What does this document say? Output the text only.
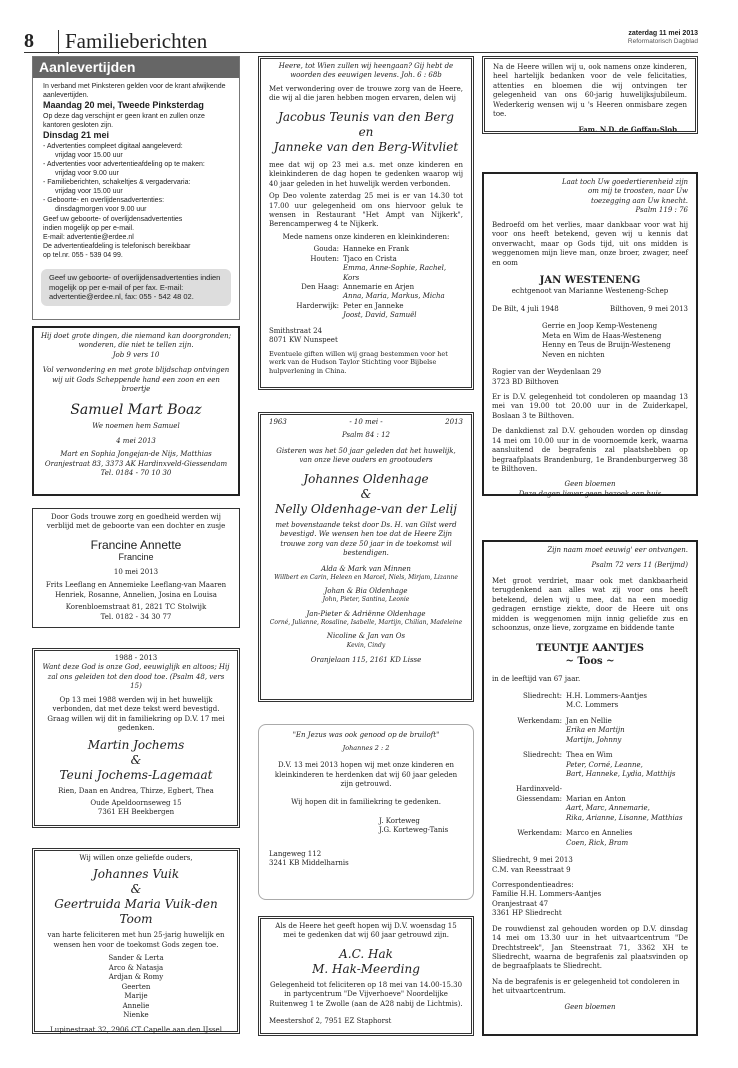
8	Familieberichten	zaterdag 11 mei 2013
Reformatorisch Dagblad
Aanlevertijden
In verband met Pinksteren gelden voor de krant afwijkende aanlevertijden.
Maandag 20 mei, Tweede Pinksterdag
Op deze dag verschijnt er geen krant en zullen onze kantoren gesloten zijn.
Dinsdag 21 mei
- Advertenties compleet digitaal aangeleverd:
vrijdag voor 15.00 uur
- Advertenties voor advertentieafdeling op te maken:
vrijdag voor 9.00 uur
- Familieberichten, schakeltjes & vergadervaria:
vrijdag voor 15.00 uur
- Geboorte- en overlijdensadvertenties:
dinsdagmorgen voor 9.00 uur
Geef uw geboorte- of overlijdensadvertenties
indien mogelijk op per e-mail.
E-mail: advertentie@erdee.nl
De advertentieafdeling is telefonisch bereikbaar
op tel.nr. 055 - 539 04 99.
Geef uw geboorte- of overlijdensadvertenties indien mogelijk op per e-mail of per fax. E-mail: advertentie@erdee.nl, fax: 055 - 542 48 02.
Hij doet grote dingen, die niemand kan doorgronden; wonderen, die niet te tellen zijn.
Job 9 vers 10
Vol verwondering en met grote blijdschap ontvingen wij uit Gods Scheppende hand een zoon en een broertje
Samuel Mart Boaz
We noemen hem Samuel
4 mei 2013
Mart en Sophia Jongejan-de Nijs, Matthias
Oranjestraat 83, 3373 AK Hardinxveld-Giessendam
Tel. 0184 - 70 10 30
Door Gods trouwe zorg en goedheid werden wij verblijd met de geboorte van een dochter en zusje
Francine Annette
Francine
10 mei 2013
Frits Leeflang en Annemieke Leeflang-van Maaren
Henriek, Rosanne, Annelien, Josina en Louisa
Korenbloemstraat 81, 2821 TC Stolwijk
Tel. 0182 - 34 30 77
1988 - 2013
Want deze God is onze God, eeuwiglijk en altoos; Hij zal ons geleiden tot den dood toe. (Psalm 48, vers 15)
Op 13 mei 1988 werden wij in het huwelijk verbonden, dat met deze tekst werd bevestigd. Graag willen wij dit in familiekring op D.V. 17 mei gedenken.
Martin Jochems
&
Teuni Jochems-Lagemaat
Rien, Daan en Andrea, Thirze, Egbert, Thea
Oude Apeldoornseweg 15
7361 EH Beekbergen
Wij willen onze geliefde ouders,
Johannes Vuik
&
Geertruida Maria Vuik-den Toom
van harte feliciteren met hun 25-jarig huwelijk en wensen hen voor de toekomst Gods zegen toe.
Sander & Lerta
Arco & Natasja
Ardjan & Romy
Geerten
Marije
Annelie
Nienke
Lupinestraat 32, 2906 CT Capelle aan den IJssel
Heere, tot Wien zullen wij heengaan? Gij hebt de woorden des eeuwigen levens. Joh. 6 : 68b
Met verwondering over de trouwe zorg van de Heere, die wij al die jaren hebben mogen ervaren, delen wij
Jacobus Teunis van den Berg
en
Janneke van den Berg-Witvliet
mee dat wij op 23 mei a.s. met onze kinderen en kleinkinderen de dag hopen te gedenken waarop wij 40 jaar geleden in het huwelijk werden verbonden.
Op Deo volente zaterdag 25 mei is er van 14.30 tot 17.00 uur gelegenheid om ons hiervoor geluk te wensen in Restaurant "Het Ampt van Nijkerk", Berencamperweg 4 te Nijkerk.
Mede namens onze kinderen en kleinkinderen:
Gouda: Hanneke en Frank
Houten: Tjaco en Crista
Emma, Anne-Sophie, Rachel, Kors
Den Haag: Annemarie en Arjen
Anna, Maria, Markus, Micha
Harderwijk: Peter en Janneke
Joost, David, Samuël
Smithstraat 24
8071 KW Nunspeet
Eventuele giften willen wij graag bestemmen voor het werk van de Hudson Taylor Stichting voor Bijbelse hulpverlening in China.
1963	- 10 mei -	2013
Psalm 84 : 12
Gisteren was het 50 jaar geleden dat het huwelijk, van onze lieve ouders en grootouders
Johannes Oldenhage
&
Nelly Oldenhage-van der Lelij
met bovenstaande tekst door Ds. H. van Gilst werd bevestigd. We wensen hen toe dat de Heere Zijn trouwe zorg van deze 50 jaar in de toekomst wil bestendigen.
Alda & Mark van Minnen
Willbert en Carin, Heleen en Marcel, Niels, Mirjam, Lizanne
Johan & Bia Oldenhage
John, Pieter, Santina, Leonie
Jan-Pieter & Adriënne Oldenhage
Corné, Julianne, Rosaline, Isabelle, Martijn, Chilian, Madeleine
Nicoline & Jan van Os
Kevin, Cindy
Oranjelaan 115, 2161 KD Lisse
"En Jezus was ook genood op de bruiloft"
Johannes 2 : 2
D.V. 13 mei 2013 hopen wij met onze kinderen en kleinkinderen te herdenken dat wij 60 jaar geleden zijn getrouwd.
Wij hopen dit in familiekring te gedenken.
J. Korteweg
J.G. Korteweg-Tanis
Langeweg 112
3241 KB Middelharnis
Als de Heere het geeft hopen wij D.V. woensdag 15 mei te gedenken dat wij 60 jaar getrouwd zijn.
A.C. Hak
M. Hak-Meerding
Gelegenheid tot feliciteren op 18 mei van 14.00-15.30 in partycentrum "De Vijverhoeve" Noordelijke Ruitenweg 1 te Zwolle (aan de A28 nabij de Lichtmis).
Meestershof 2, 7951 EZ Staphorst
Na de Heere willen wij u, ook namens onze kinderen, heel hartelijk bedanken voor de vele felicitaties, attenties en bloemen die wij ontvingen ter gelegenheid van ons 60-jarig huwelijksjubileum. Wederkerig wensen wij u 's Heeren onmisbare zegen toe.
Fam. N.D. de Goffau-Slob
Laat toch Uw goedertierenheid zijn om mij te troosten, naar Uw toezegging aan Uw knecht.
Psalm 119 : 76
Bedroefd om het verlies, maar dankbaar voor wat hij voor ons heeft betekend, geven wij u kennis dat onverwacht, maar op Gods tijd, uit ons midden is weggenomen mijn lieve man, onze broer, zwager, neef en oom
JAN WESTENENG
echtgenoot van Marianne Westeneng-Schep
De Bilt, 4 juli 1948	Bilthoven, 9 mei 2013
Gerrie en Joop Kemp-Westeneng
Meta en Wim de Haas-Westeneng
Henny en Teus de Bruijn-Westeneng
Neven en nichten
Rogier van der Weydenlaan 29
3723 BD Bilthoven
Er is D.V. gelegenheid tot condoleren op maandag 13 mei van 19.00 tot 20.00 uur in de Zuiderkapel, Boslaan 3 te Bilthoven.
De dankdienst zal D.V. gehouden worden op dinsdag 14 mei om 10.00 uur in de voornoemde kerk, waarna aansluitend de begrafenis zal plaatshebben op begraafplaats Brandenburg, 1e Brandenburgerweg 38 te Bilthoven.
Geen bloemen
Deze dagen liever geen bezoek aan huis
Zijn naam moet eeuwig' eer ontvangen.
Psalm 72 vers 11 (Berijmd)
Met groot verdriet, maar ook met dankbaarheid terugdenkend aan alles wat zij voor ons heeft betekend, delen wij u mee, dat na een moedig gedragen ernstige ziekte, door de Heere uit ons midden is weggenomen mijn innig geliefde zus en schoonzus, onze lieve, zorgzame en biddende tante
TEUNTJE AANTJES
~ Toos ~
in de leeftijd van 67 jaar.
Sliedrecht: H.H. Lommers-Aantjes
M.C. Lommers
Werkendam: Jan en Nellie
Erika en Martijn
Martijn, Johnny
Sliedrecht: Thea en Wim
Peter, Corné, Leanne,
Bart, Hanneke, Lydia, Matthijs
Hardinxveld-
Giessendam: Marian en Anton
Aart, Marc, Annemarie,
Rika, Arianne, Lisanne, Matthias
Werkendam: Marco en Annelies
Coen, Rick, Bram
Sliedrecht, 9 mei 2013
C.M. van Reesstraat 9
Correspondentieadres:
Familie H.H. Lommers-Aantjes
Oranjestraat 47
3361 HP Sliedrecht
De rouwdienst zal gehouden worden op D.V. dinsdag 14 mei om 13.30 uur in het uitvaartcentrum "De Drechtstreek", Jan Steenstraat 71, 3362 XH te Sliedrecht, waarna de begrafenis zal plaatsvinden op de begraafplaats te Sliedrecht.
Na de begrafenis is er gelegenheid tot condoleren in het uitvaartcentrum.
Geen bloemen
